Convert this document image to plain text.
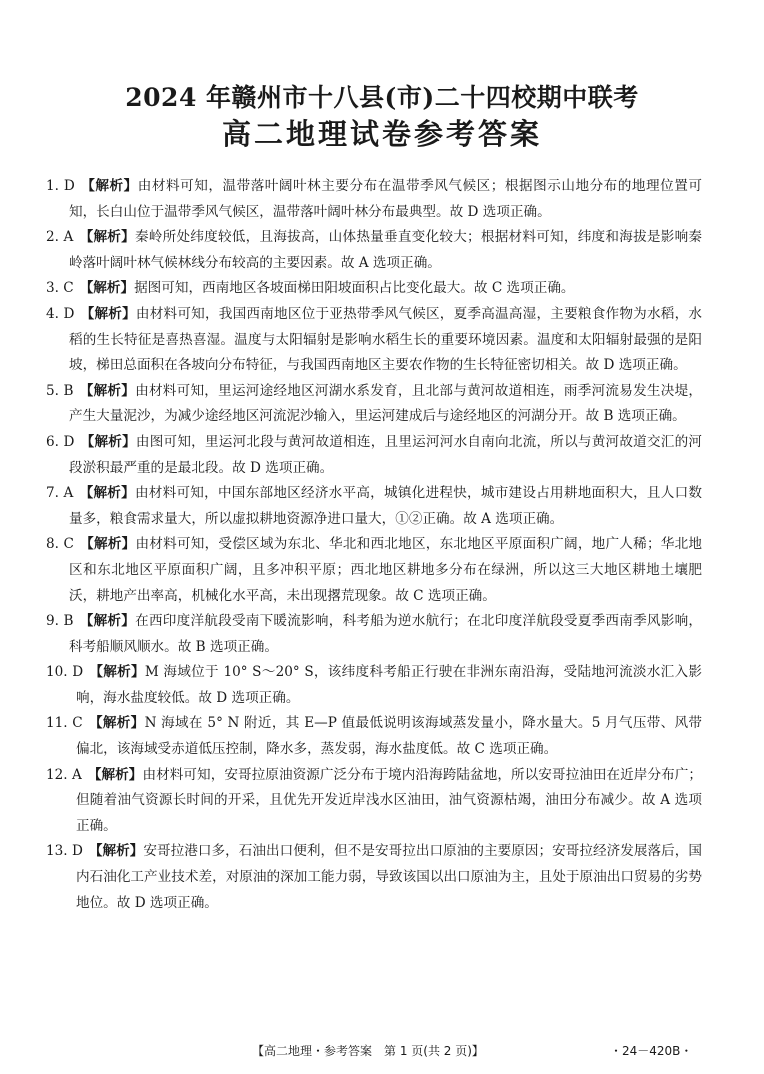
2024 年赣州市十八县(市)二十四校期中联考
高二地理试卷参考答案

1. D 【解析】由材料可知，温带落叶阔叶林主要分布在温带季风气候区；根据图示山地分布的地理位置可知，长白山位于温带季风气候区，温带落叶阔叶林分布最典型。故 D 选项正确。

2. A 【解析】秦岭所处纬度较低，且海拔高，山体热量垂直变化较大；根据材料可知，纬度和海拔是影响秦岭落叶阔叶林气候林线分布较高的主要因素。故 A 选项正确。

3. C 【解析】据图可知，西南地区各坡面梯田阳坡面积占比变化最大。故 C 选项正确。

4. D 【解析】由材料可知，我国西南地区位于亚热带季风气候区，夏季高温高湿，主要粮食作物为水稻，水稻的生长特征是喜热喜湿。温度与太阳辐射是影响水稻生长的重要环境因素。温度和太阳辐射最强的是阳坡，梯田总面积在各坡向分布特征，与我国西南地区主要农作物的生长特征密切相关。故 D 选项正确。

5. B 【解析】由材料可知，里运河途经地区河湖水系发育，且北部与黄河故道相连，雨季河流易发生决堤，产生大量泥沙，为减少途经地区河流泥沙输入，里运河建成后与途经地区的河湖分开。故 B 选项正确。

6. D 【解析】由图可知，里运河北段与黄河故道相连，且里运河河水自南向北流，所以与黄河故道交汇的河段淤积最严重的是最北段。故 D 选项正确。

7. A 【解析】由材料可知，中国东部地区经济水平高，城镇化进程快，城市建设占用耕地面积大，且人口数量多，粮食需求量大，所以虚拟耕地资源净进口量大，①②正确。故 A 选项正确。

8. C 【解析】由材料可知，受偿区域为东北、华北和西北地区，东北地区平原面积广阔，地广人稀；华北地区和东北地区平原面积广阔，且多冲积平原；西北地区耕地多分布在绿洲，所以这三大地区耕地土壤肥沃，耕地产出率高，机械化水平高，未出现撂荒现象。故 C 选项正确。

9. B 【解析】在西印度洋航段受南下暖流影响，科考船为逆水航行；在北印度洋航段受夏季西南季风影响，科考船顺风顺水。故 B 选项正确。

10. D 【解析】M 海域位于 10° S～20° S，该纬度科考船正行驶在非洲东南沿海，受陆地河流淡水汇入影响，海水盐度较低。故 D 选项正确。

11. C 【解析】N 海域在 5° N 附近，其 E—P 值最低说明该海域蒸发量小，降水量大。5 月气压带、风带偏北，该海域受赤道低压控制，降水多，蒸发弱，海水盐度低。故 C 选项正确。

12. A 【解析】由材料可知，安哥拉原油资源广泛分布于境内沿海跨陆盆地，所以安哥拉油田在近岸分布广；但随着油气资源长时间的开采，且优先开发近岸浅水区油田，油气资源枯竭，油田分布减少。故 A 选项正确。

13. D 【解析】安哥拉港口多，石油出口便利，但不是安哥拉出口原油的主要原因；安哥拉经济发展落后，国内石油化工产业技术差，对原油的深加工能力弱，导致该国以出口原油为主，且处于原油出口贸易的劣势地位。故 D 选项正确。

【高二地理・参考答案　第 1 页(共 2 页)】	・24－420B・
